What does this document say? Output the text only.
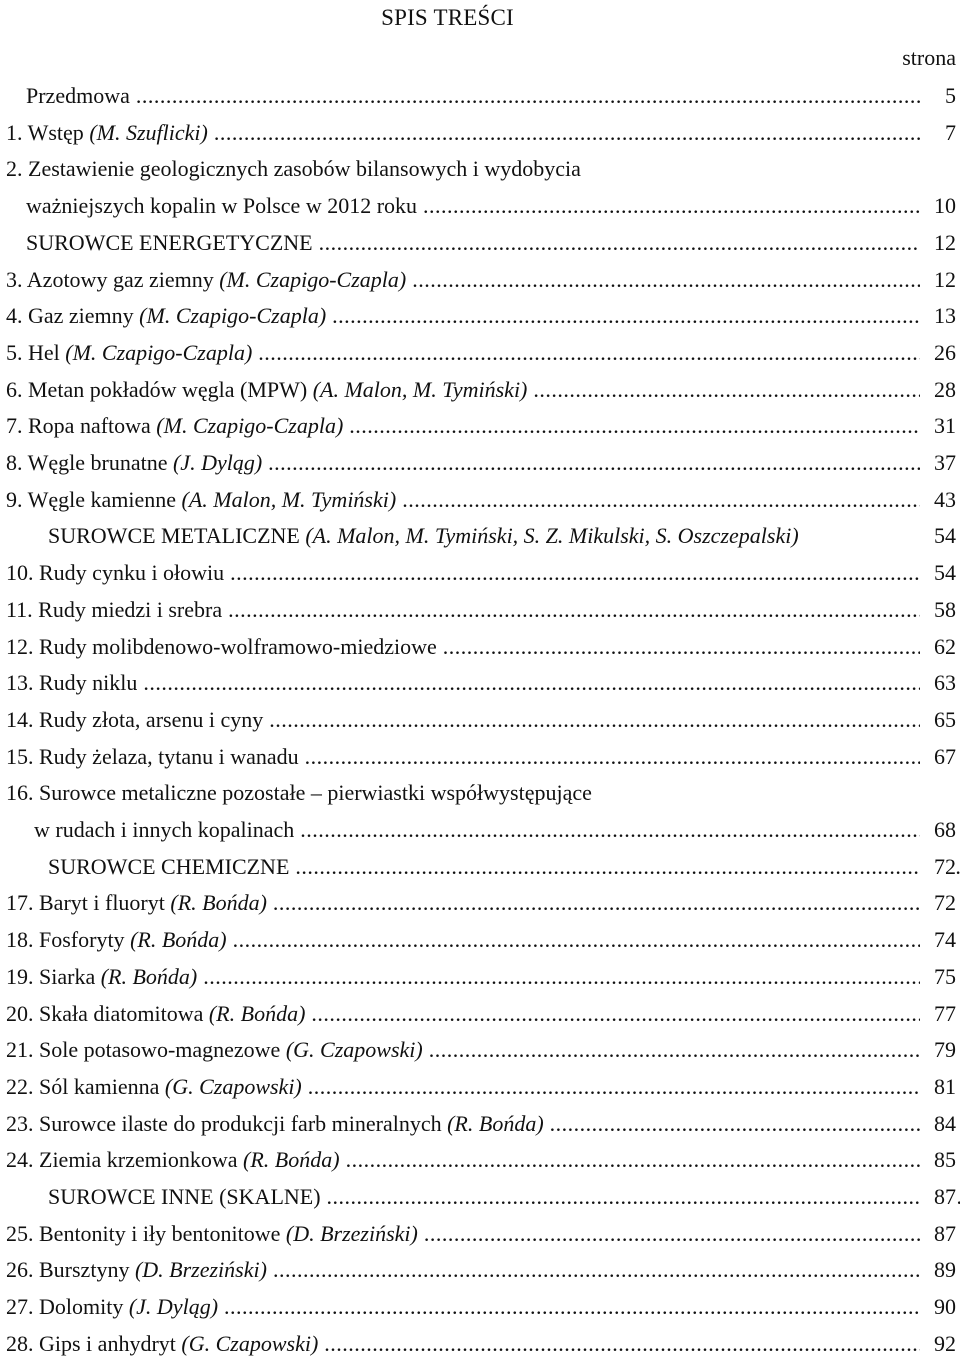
SPIS TREŚCI
strona
Przedmowa .....	5
1. Wstęp (M. Szuflicki) .....	7
2. Zestawienie geologicznych zasobów bilansowych i wydobycia
ważniejszych kopalin w Polsce w 2012 roku .....	10
SUROWCE ENERGETYCZNE .....	12
3. Azotowy gaz ziemny (M. Czapigo-Czapla) .....	12
4. Gaz ziemny (M. Czapigo-Czapla) .....	13
5. Hel (M. Czapigo-Czapla) .....	26
6. Metan pokładów węgla (MPW) (A. Malon, M. Tymiński) .....	28
7. Ropa naftowa (M. Czapigo-Czapla) .....	31
8. Węgle brunatne (J. Dyląg) .....	37
9. Węgle kamienne (A. Malon, M. Tymiński) .....	43
SUROWCE METALICZNE (A. Malon, M. Tymiński, S. Z. Mikulski, S. Oszczepalski)	54
10. Rudy cynku i ołowiu .....	54
11. Rudy miedzi i srebra .....	58
12. Rudy molibdenowo-wolframowo-miedziowe .....	62
13. Rudy niklu .....	63
14. Rudy złota, arsenu i cyny .....	65
15. Rudy żelaza, tytanu i wanadu .....	67
16. Surowce metaliczne pozostałe – pierwiastki współwystępujące
w rudach i innych kopalinach .....	68
SUROWCE CHEMICZNE .....	72
17. Baryt i fluoryt (R. Bońda) .....	72
18. Fosforyty (R. Bońda) .....	74
19. Siarka (R. Bońda) .....	75
20. Skała diatomitowa (R. Bońda) .....	77
21. Sole potasowo-magnezowe (G. Czapowski) .....	79
22. Sól kamienna (G. Czapowski) .....	81
23. Surowce ilaste do produkcji farb mineralnych (R. Bońda) .....	84
24. Ziemia krzemionkowa (R. Bońda) .....	85
SUROWCE INNE (SKALNE) .....	87
25. Bentonity i iły bentonitowe (D. Brzeziński) .....	87
26. Bursztyny (D. Brzeziński) .....	89
27. Dolomity (J. Dyląg) .....	90
28. Gips i anhydryt (G. Czapowski) .....	92
